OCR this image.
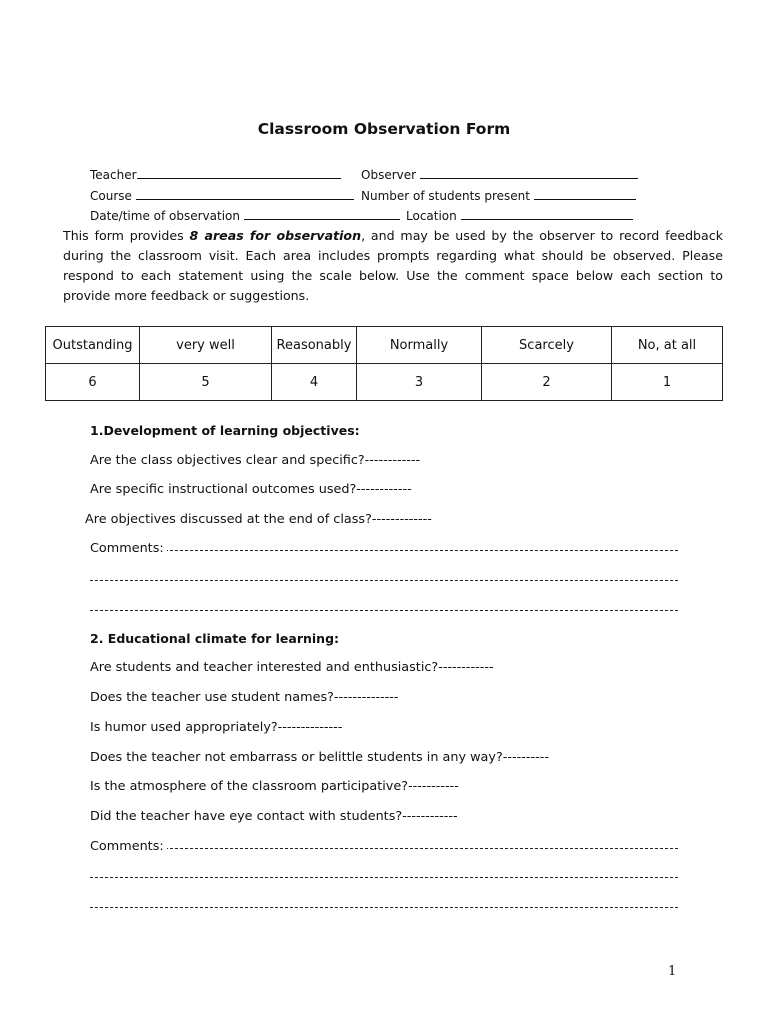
Classroom Observation Form
Teacher	Observer
Course	Number of students present
Date/time of observation	Location
This form provides 8 areas for observation, and may be used by the observer to record feedback during the classroom visit. Each area includes prompts regarding what should be observed. Please respond to each statement using the scale below. Use the comment space below each section to provide more feedback or suggestions.
Outstanding	very well	Reasonably	Normally	Scarcely	No, at all
6	5	4	3	2	1
1.Development of learning objectives:
Are the class objectives clear and specific?------------
Are specific instructional outcomes used?------------
Are objectives discussed at the end of class?-------------
Comments:
2. Educational climate for learning:
Are students and teacher interested and enthusiastic?------------
Does the teacher use student names?--------------
Is humor used appropriately?--------------
Does the teacher not embarrass or belittle students in any way?----------
Is the atmosphere of the classroom participative?-----------
Did the teacher have eye contact with students?------------
Comments:
1
